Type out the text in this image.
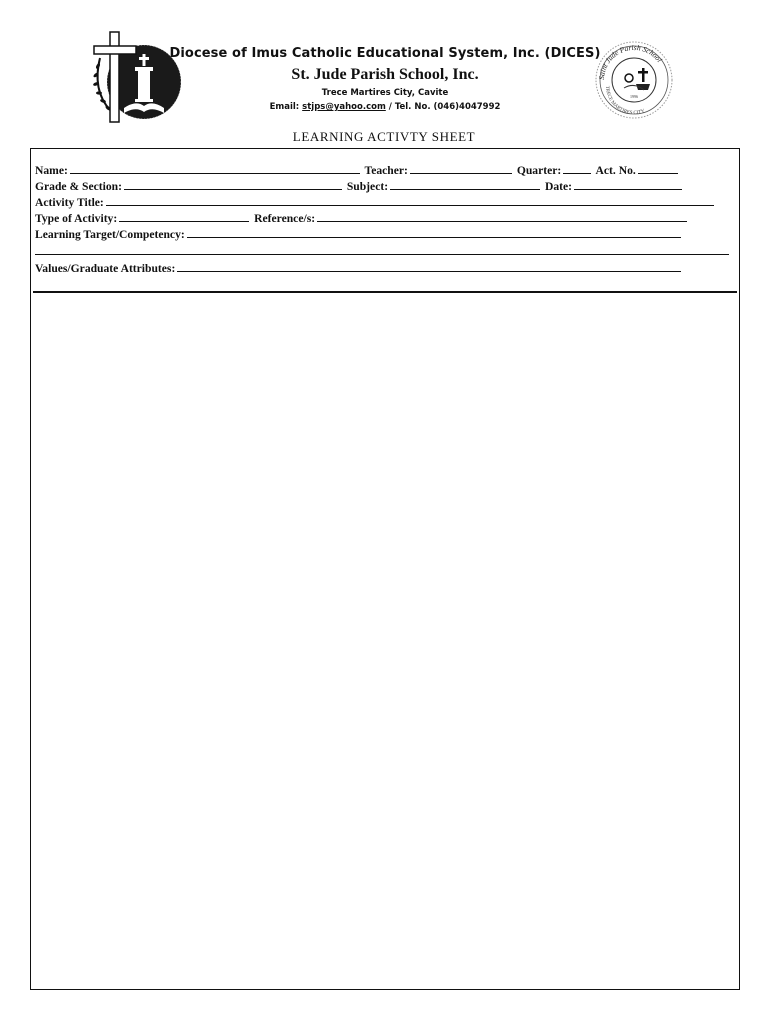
Diocese of Imus Catholic Educational System, Inc. (DICES)
St. Jude Parish School, Inc.
Trece Martires City, Cavite
Email: stjps@yahoo.com / Tel. No. (046)4047992
Saint Jude Parish School
TRECE MARTIRES CITY
1996
LEARNING ACTIVTY SHEET
Name:	Teacher:	Quarter:	Act. No.
Grade & Section:	Subject:	Date:
Activity Title:
Type of Activity:	Reference/s:
Learning Target/Competency:
Values/Graduate Attributes:
